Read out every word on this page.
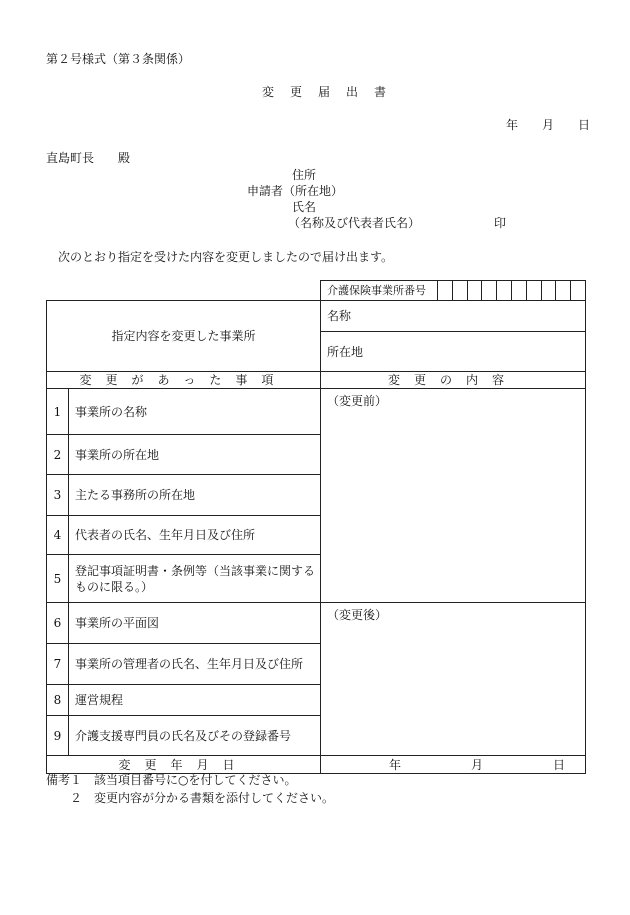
第２号様式（第３条関係）
変　更　届　出　書
年　　月　　日
直島町長　　殿
住所
申請者（所在地）
氏名
（名称及び代表者氏名）	印
次のとおり指定を受けた内容を変更しましたので届け出ます。

		介護保険事業所番号

指定内容を変更した事業所		名称
		所在地
変更があった事項		変更の内容
1	事業所の名称	（変更前）
2	事業所の所在地	
3	主たる事務所の所在地	
4	代表者の氏名、生年月日及び住所	
5	登記事項証明書・条例等（当該事業に関するものに限る。）	
6	事業所の平面図	（変更後）
7	事業所の管理者の氏名、生年月日及び住所	
8	運営規程	
9	介護支援専門員の氏名及びその登録番号	
変更年月日		年 月 日
備考１　該当項目番号に○を付してください。
２　変更内容が分かる書類を添付してください。
